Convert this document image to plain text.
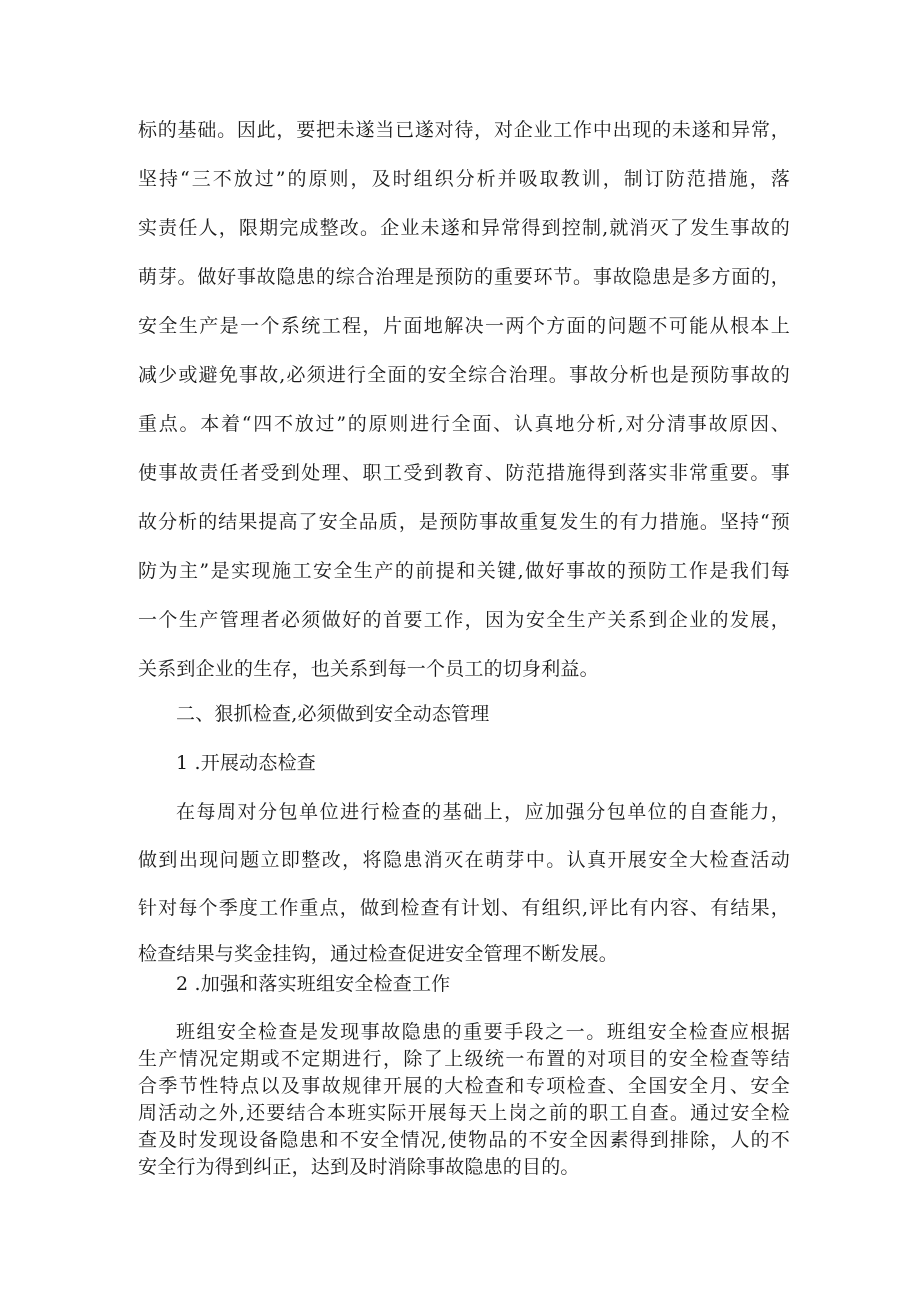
标的基础。因此，要把未遂当已遂对待，对企业工作中出现的未遂和异常，
坚持“三不放过”的原则，及时组织分析并吸取教训，制订防范措施，落
实责任人，限期完成整改。企业未遂和异常得到控制,就消灭了发生事故的
萌芽。做好事故隐患的综合治理是预防的重要环节。事故隐患是多方面的，
安全生产是一个系统工程，片面地解决一两个方面的问题不可能从根本上
减少或避免事故,必须进行全面的安全综合治理。事故分析也是预防事故的
重点。本着“四不放过”的原则进行全面、认真地分析,对分清事故原因、
使事故责任者受到处理、职工受到教育、防范措施得到落实非常重要。事
故分析的结果提高了安全品质，是预防事故重复发生的有力措施。坚持“预
防为主”是实现施工安全生产的前提和关键,做好事故的预防工作是我们每
一个生产管理者必须做好的首要工作，因为安全生产关系到企业的发展，
关系到企业的生存，也关系到每一个员工的切身利益。
二、狠抓检查,必须做到安全动态管理
1 .开展动态检查
在每周对分包单位进行检查的基础上，应加强分包单位的自查能力，
做到出现问题立即整改，将隐患消灭在萌芽中。认真开展安全大检查活动
针对每个季度工作重点，做到检查有计划、有组织,评比有内容、有结果，
检查结果与奖金挂钩，通过检查促进安全管理不断发展。
2 .加强和落实班组安全检查工作
班组安全检查是发现事故隐患的重要手段之一。班组安全检查应根据
生产情况定期或不定期进行，除了上级统一布置的对项目的安全检查等结
合季节性特点以及事故规律开展的大检查和专项检查、全国安全月、安全
周活动之外,还要结合本班实际开展每天上岗之前的职工自查。通过安全检
查及时发现设备隐患和不安全情况,使物品的不安全因素得到排除，人的不
安全行为得到纠正，达到及时消除事故隐患的目的。
